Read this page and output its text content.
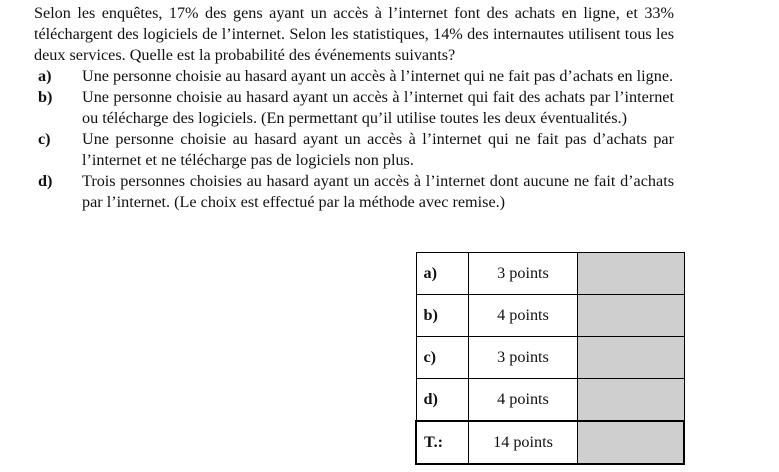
Selon les enquêtes, 17% des gens ayant un accès à l’internet font des achats en ligne, et 33% téléchargent des logiciels de l’internet. Selon les statistiques, 14% des internautes utilisent tous les deux services. Quelle est la probabilité des événements suivants?

a) Une personne choisie au hasard ayant un accès à l’internet qui ne fait pas d’achats en ligne.
b) Une personne choisie au hasard ayant un accès à l’internet qui fait des achats par l’internet ou télécharge des logiciels. (En permettant qu’il utilise toutes les deux éventualités.)
c) Une personne choisie au hasard ayant un accès à l’internet qui ne fait pas d’achats par l’internet et ne télécharge pas de logiciels non plus.
d) Trois personnes choisies au hasard ayant un accès à l’internet dont aucune ne fait d’achats par l’internet. (Le choix est effectué par la méthode avec remise.)
a)	3 points	
b)	4 points	
c)	3 points	
d)	4 points	
T.:	14 points	
